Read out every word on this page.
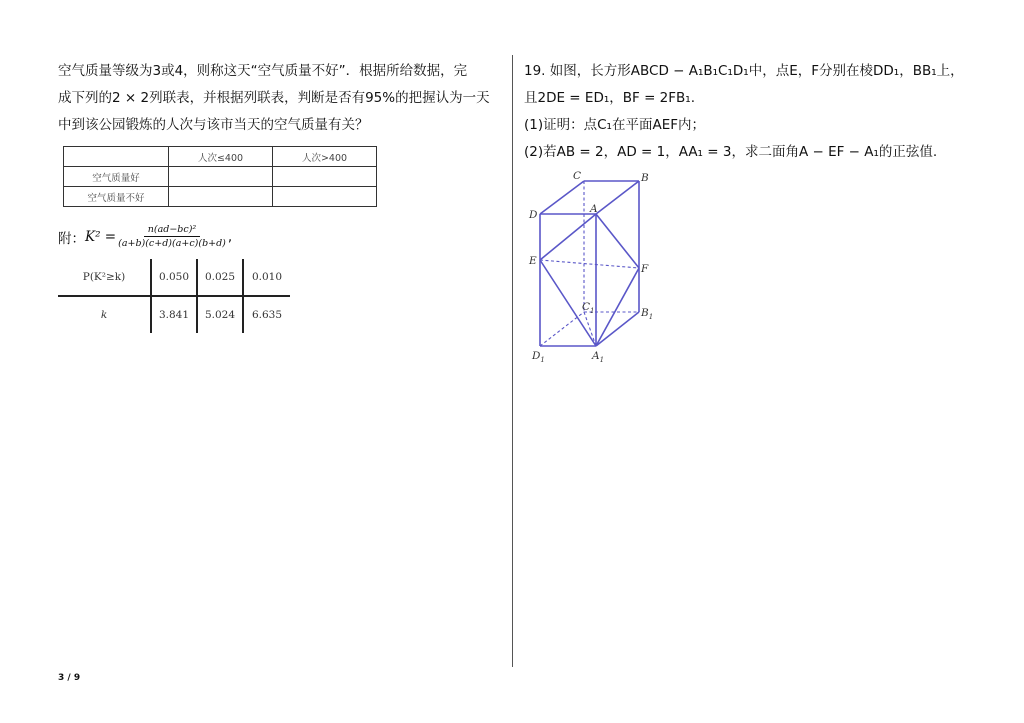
空气质量等级为3或4，则称这天“空气质量不好”．根据所给数据，完

成下列的2 × 2列联表，并根据列联表，判断是否有95%的把握认为一天

中到该公园锻炼的人次与该市当天的空气质量有关？

	人次≤400	人次>400
空气质量好		
空气质量不好		
附： $K^2 = \frac{\text{n(ad−bc)²}}{(a+b)(c+d)(a+c)(b+d)}$ ,
P(K²≥k)	0.050	0.025	0.010
k	3.841	5.024	6.635
3 / 9

19. 如图，长方形ABCD − A₁B₁C₁D₁中，点E，F分别在棱DD₁，BB₁上，

且2DE = ED₁，BF = 2FB₁.

(1)证明：点C₁在平面AEF内；

(2)若AB = 2，AD = 1，AA₁ = 3，求二面角A − EF − A₁的正弦值.

C	B
D	A
E
F
$C_1$	$B_1$
$D_1$	$A_1$
